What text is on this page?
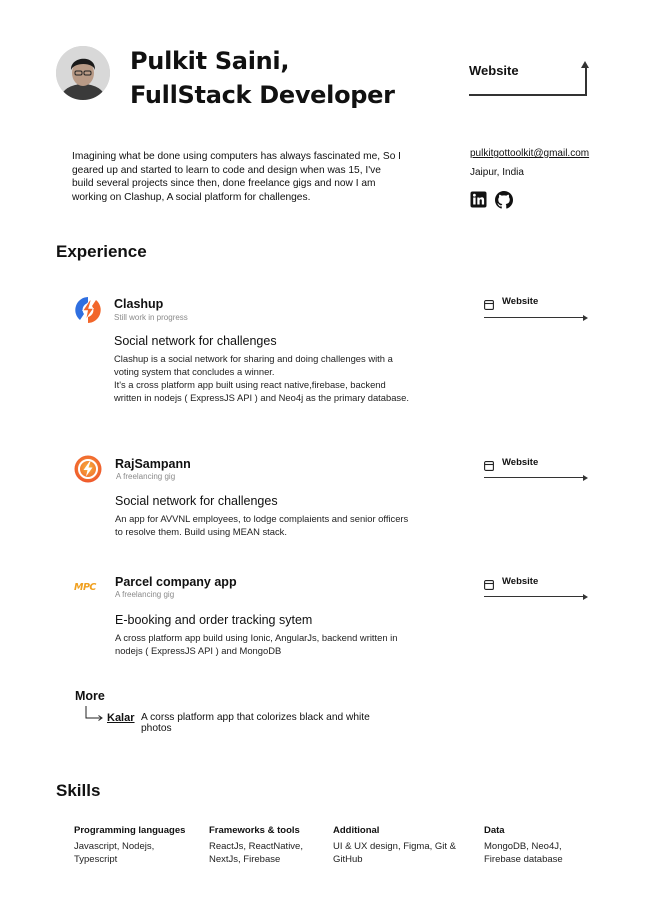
Pulkit Saini,
FullStack Developer
Website
Imagining what be done using computers has always fascinated me, So I geared up and started to learn to code and design when was 15, I've build several projects since then, done freelance gigs and now I am working on Clashup, A social platform for challenges.
pulkitgottoolkit@gmail.com
Jaipur, India
Experience
Clashup
Still work in progress
Social network for challenges
Clashup is a social network for sharing and doing challenges with a voting system that concludes a winner.
It's a cross platform app built using react native,firebase, backend written in nodejs ( ExpressJS API ) and Neo4j as the primary database.
Website
RajSampann
A freelancing gig
Social network for challenges
An app for AVVNL employees, to lodge complaients and senior officers to resolve them. Build using MEAN stack.
Website
MPC	Parcel company app
A freelancing gig
E-booking and order tracking sytem
A cross platform app build using Ionic, AngularJs, backend written in nodejs ( ExpressJS API ) and MongoDB
Website
More
Kalar A corss platform app that colorizes black and white photos
Skills
Programming languages
Javascript, Nodejs, Typescript
Frameworks & tools
ReactJs, ReactNative, NextJs, Firebase
Additional
UI & UX design, Figma, Git & GitHub
Data
MongoDB, Neo4J, Firebase database
